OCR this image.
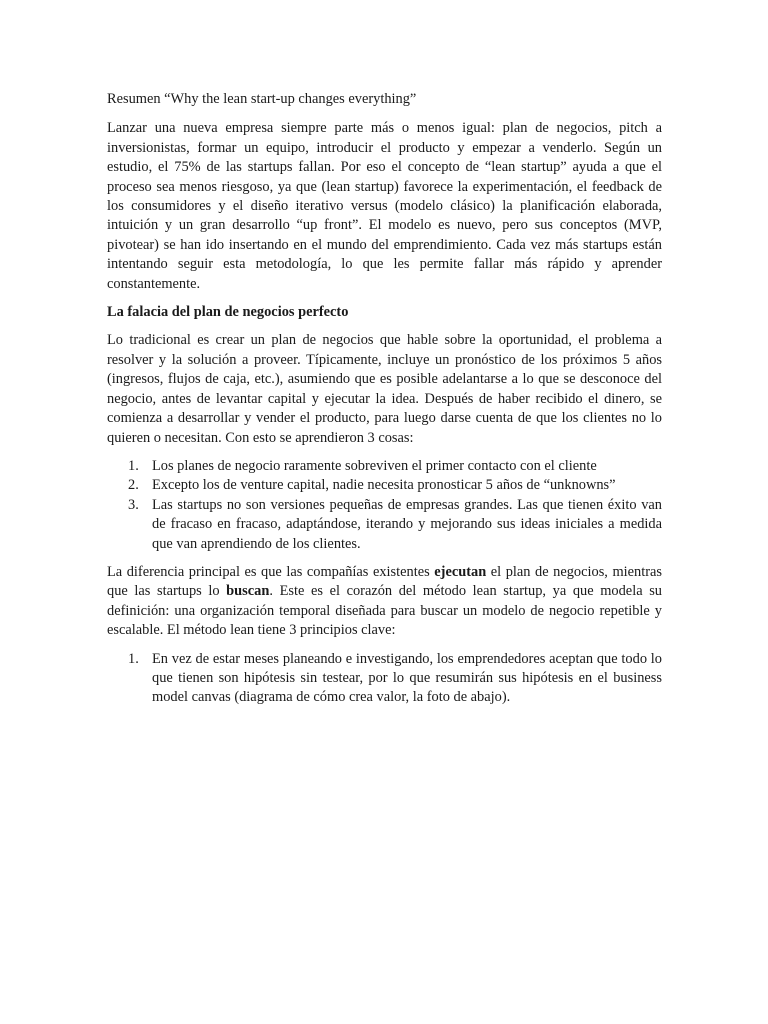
Resumen “Why the lean start-up changes everything”

Lanzar una nueva empresa siempre parte más o menos igual: plan de negocios, pitch a inversionistas, formar un equipo, introducir el producto y empezar a venderlo. Según un estudio, el 75% de las startups fallan. Por eso el concepto de “lean startup” ayuda a que el proceso sea menos riesgoso, ya que (lean startup) favorece la experimentación, el feedback de los consumidores y el diseño iterativo versus (modelo clásico) la planificación elaborada, intuición y un gran desarrollo “up front”. El modelo es nuevo, pero sus conceptos (MVP, pivotear) se han ido insertando en el mundo del emprendimiento. Cada vez más startups están intentando seguir esta metodología, lo que les permite fallar más rápido y aprender constantemente.

La falacia del plan de negocios perfecto

Lo tradicional es crear un plan de negocios que hable sobre la oportunidad, el problema a resolver y la solución a proveer. Típicamente, incluye un pronóstico de los próximos 5 años (ingresos, flujos de caja, etc.), asumiendo que es posible adelantarse a lo que se desconoce del negocio, antes de levantar capital y ejecutar la idea. Después de haber recibido el dinero, se comienza a desarrollar y vender el producto, para luego darse cuenta de que los clientes no lo quieren o necesitan. Con esto se aprendieron 3 cosas:

1. Los planes de negocio raramente sobreviven el primer contacto con el cliente
2. Excepto los de venture capital, nadie necesita pronosticar 5 años de “unknowns”
3. Las startups no son versiones pequeñas de empresas grandes. Las que tienen éxito van de fracaso en fracaso, adaptándose, iterando y mejorando sus ideas iniciales a medida que van aprendiendo de los clientes.

La diferencia principal es que las compañías existentes ejecutan el plan de negocios, mientras que las startups lo buscan. Este es el corazón del método lean startup, ya que modela su definición: una organización temporal diseñada para buscar un modelo de negocio repetible y escalable. El método lean tiene 3 principios clave:

1. En vez de estar meses planeando e investigando, los emprendedores aceptan que todo lo que tienen son hipótesis sin testear, por lo que resumirán sus hipótesis en el business model canvas (diagrama de cómo crea valor, la foto de abajo).
